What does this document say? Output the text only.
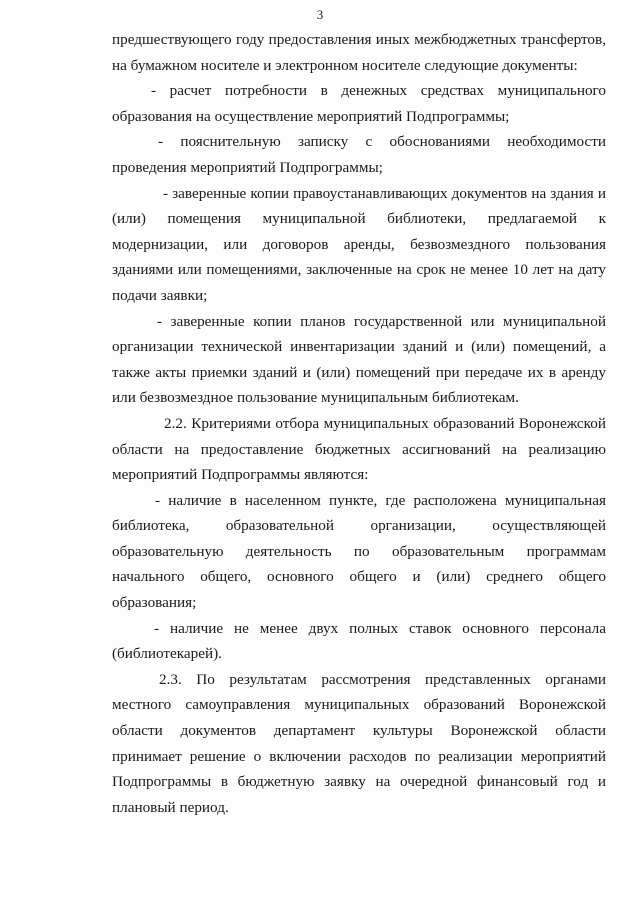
3

предшествующего году предоставления иных межбюджетных трансфертов, на бумажном носителе и электронном носителе следующие документы:

- расчет потребности в денежных средствах муниципального образования на осуществление мероприятий Подпрограммы;

- пояснительную записку с обоснованиями необходимости проведения мероприятий Подпрограммы;

- заверенные копии правоустанавливающих документов на здания и (или) помещения муниципальной библиотеки, предлагаемой к модернизации, или договоров аренды, безвозмездного пользования зданиями или помещениями, заключенные на срок не менее 10 лет на дату подачи заявки;

- заверенные копии планов государственной или муниципальной организации технической инвентаризации зданий и (или) помещений, а также акты приемки зданий и (или) помещений при передаче их в аренду или безвозмездное пользование муниципальным библиотекам.

2.2. Критериями отбора муниципальных образований Воронежской области на предоставление бюджетных ассигнований на реализацию мероприятий Подпрограммы являются:

- наличие в населенном пункте, где расположена муниципальная библиотека, образовательной организации, осуществляющей образовательную деятельность по образовательным программам начального общего, основного общего и (или) среднего общего образования;

- наличие не менее двух полных ставок основного персонала (библиотекарей).

2.3. По результатам рассмотрения представленных органами местного самоуправления муниципальных образований Воронежской области документов департамент культуры Воронежской области принимает решение о включении расходов по реализации мероприятий Подпрограммы в бюджетную заявку на очередной финансовый год и плановый период.
